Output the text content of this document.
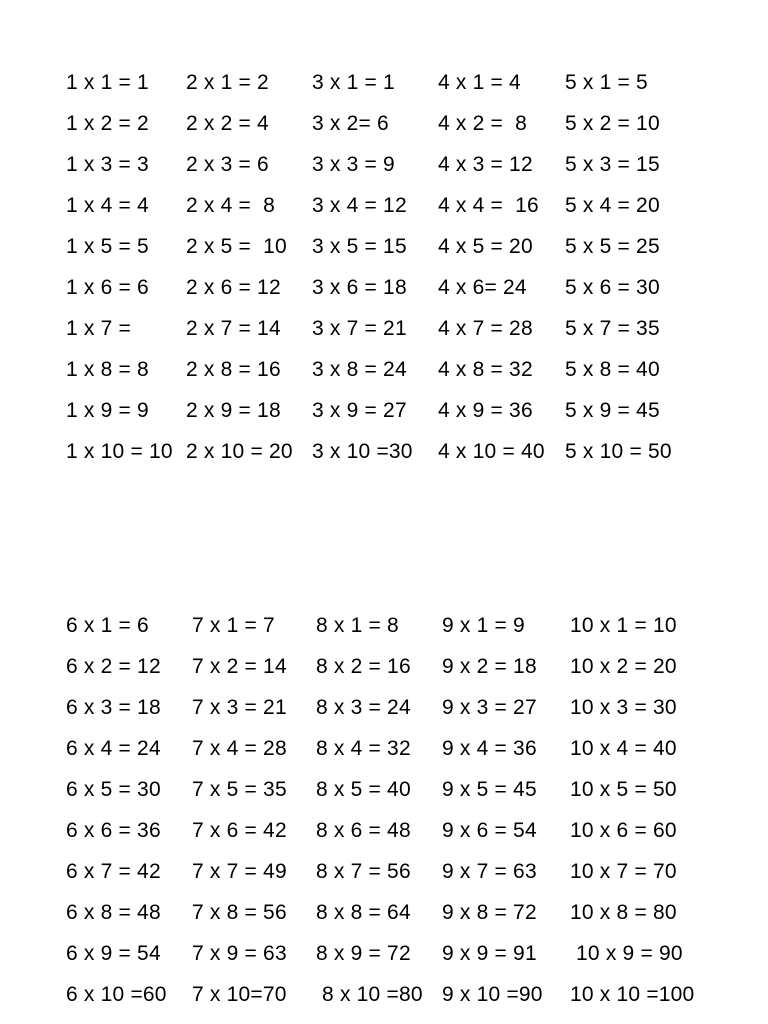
1 x 1 = 1 2 x 1 = 2 3 x 1 = 1 4 x 1 = 4 5 x 1 = 5
1 x 2 = 2 2 x 2 = 4 3 x 2= 6 4 x 2 =  8 5 x 2 = 10
1 x 3 = 3 2 x 3 = 6 3 x 3 = 9 4 x 3 = 12 5 x 3 = 15
1 x 4 = 4 2 x 4 =  8 3 x 4 = 12 4 x 4 =  16 5 x 4 = 20
1 x 5 = 5 2 x 5 =  10 3 x 5 = 15 4 x 5 = 20 5 x 5 = 25
1 x 6 = 6 2 x 6 = 12 3 x 6 = 18 4 x 6= 24 5 x 6 = 30
1 x 7 =	2 x 7 = 14 3 x 7 = 21 4 x 7 = 28 5 x 7 = 35
1 x 8 = 8 2 x 8 = 16 3 x 8 = 24 4 x 8 = 32 5 x 8 = 40
1 x 9 = 9 2 x 9 = 18 3 x 9 = 27 4 x 9 = 36 5 x 9 = 45
1 x 10 = 10 2 x 10 = 20 3 x 10 =30 4 x 10 = 40 5 x 10 = 50
6 x 1 = 6 7 x 1 = 7 8 x 1 = 8 9 x 1 = 9 10 x 1 = 10
6 x 2 = 12 7 x 2 = 14 8 x 2 = 16 9 x 2 = 18 10 x 2 = 20
6 x 3 = 18 7 x 3 = 21 8 x 3 = 24 9 x 3 = 27 10 x 3 = 30
6 x 4 = 24 7 x 4 = 28 8 x 4 = 32 9 x 4 = 36 10 x 4 = 40
6 x 5 = 30 7 x 5 = 35 8 x 5 = 40 9 x 5 = 45 10 x 5 = 50
6 x 6 = 36 7 x 6 = 42 8 x 6 = 48 9 x 6 = 54 10 x 6 = 60
6 x 7 = 42 7 x 7 = 49 8 x 7 = 56 9 x 7 = 63 10 x 7 = 70
6 x 8 = 48 7 x 8 = 56 8 x 8 = 64 9 x 8 = 72 10 x 8 = 80
6 x 9 = 54 7 x 9 = 63 8 x 9 = 72 9 x 9 = 91 10 x 9 = 90
6 x 10 =60 7 x 10=70 8 x 10 =80 9 x 10 =90 10 x 10 =100
